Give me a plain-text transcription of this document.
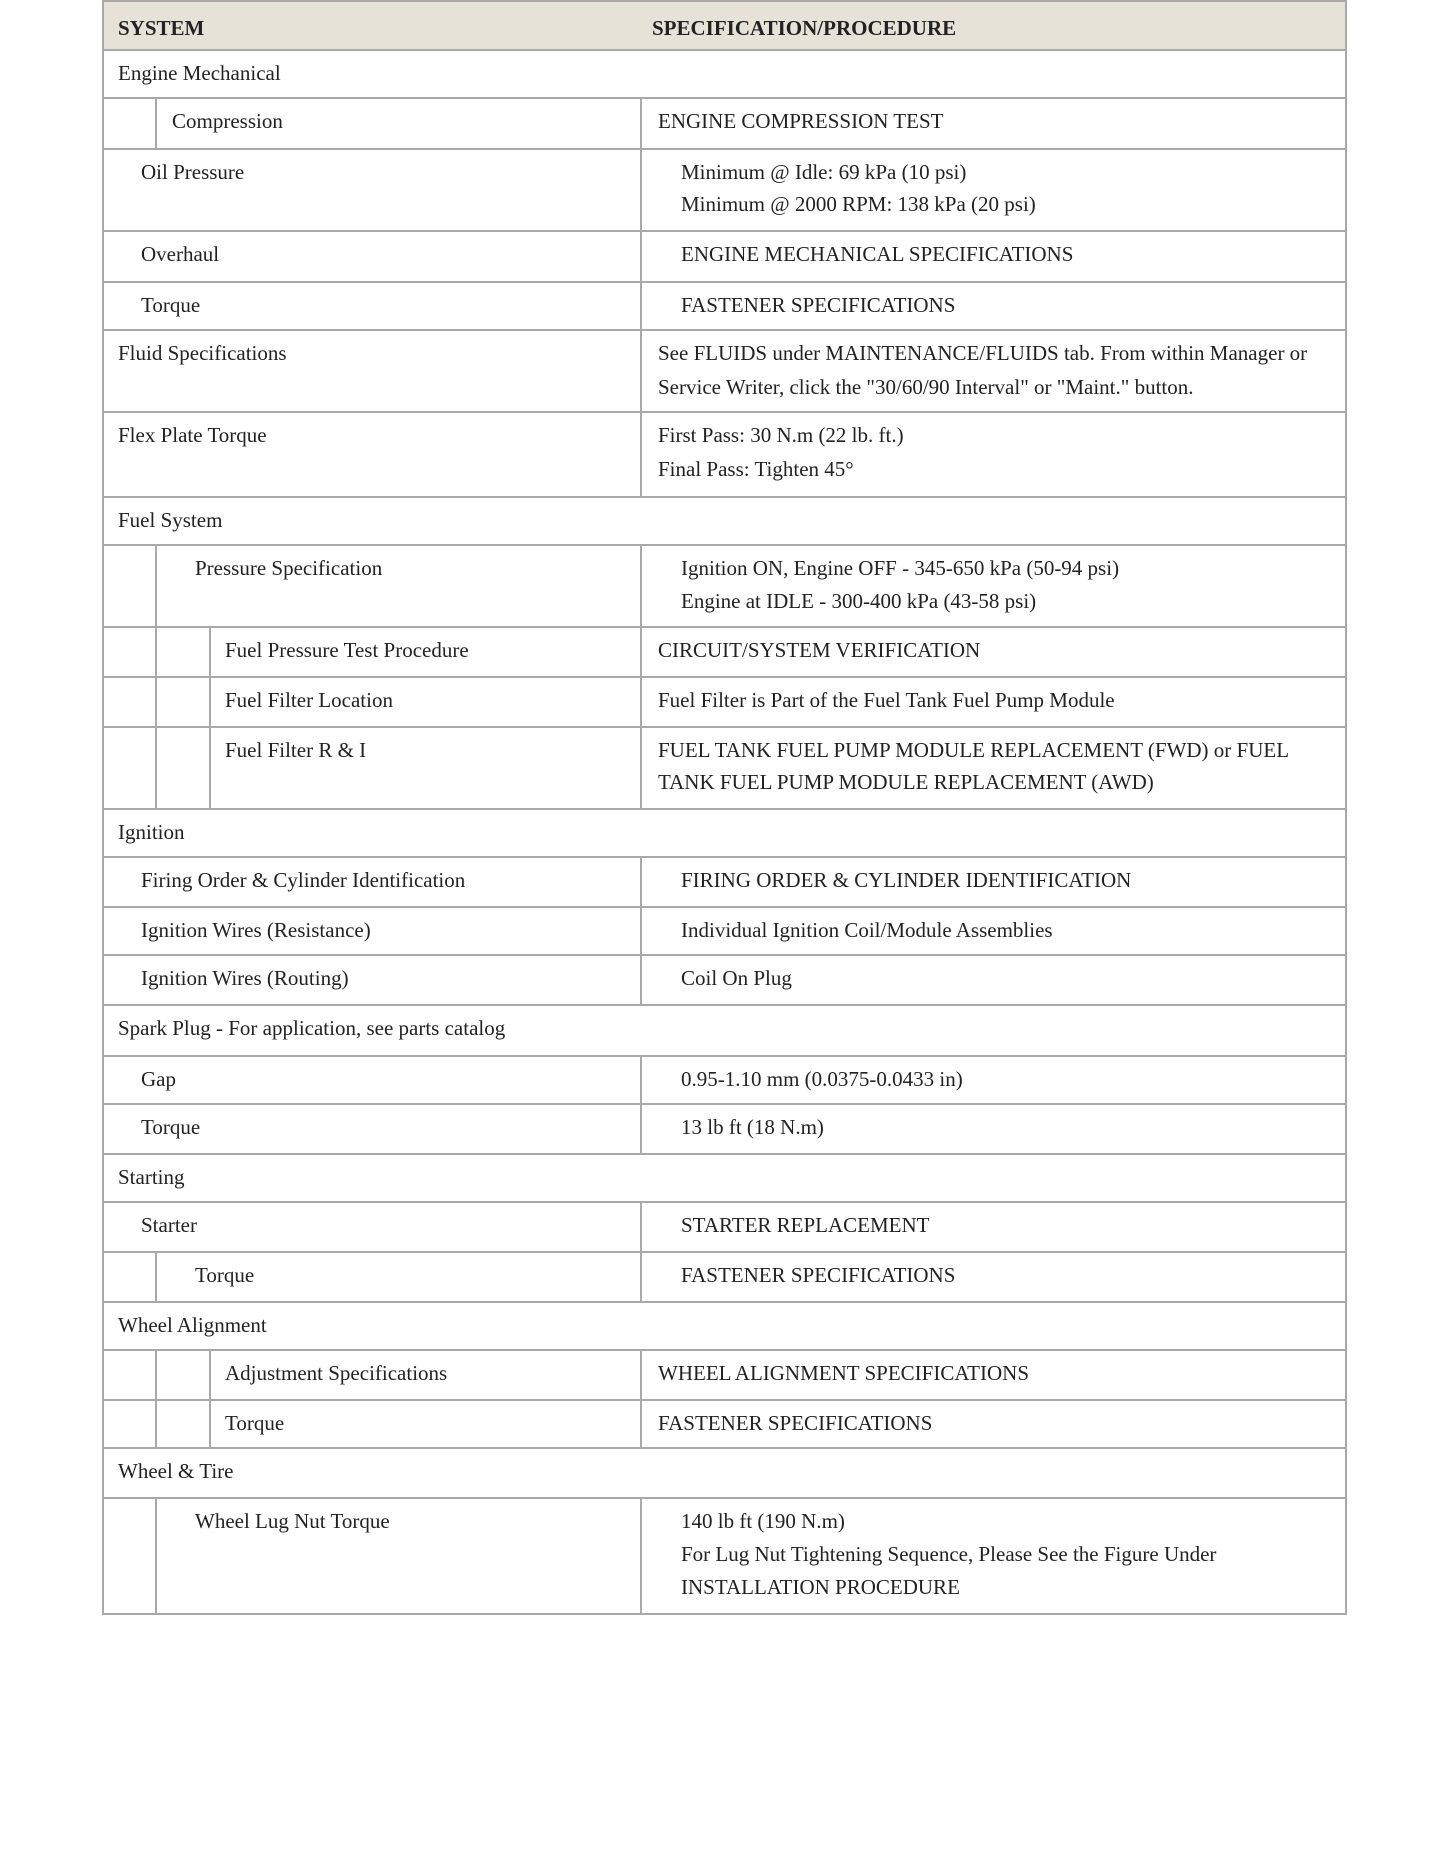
SYSTEM	SPECIFICATION/PROCEDURE
Engine Mechanical
Compression	ENGINE COMPRESSION TEST
Oil Pressure	Minimum @ Idle: 69 kPa (10 psi)
Minimum @ 2000 RPM: 138 kPa (20 psi)
Overhaul	ENGINE MECHANICAL SPECIFICATIONS
Torque	FASTENER SPECIFICATIONS
Fluid Specifications	See FLUIDS under MAINTENANCE/FLUIDS tab. From within Manager or
Service Writer, click the "30/60/90 Interval" or "Maint." button.
Flex Plate Torque	First Pass: 30 N.m (22 lb. ft.)
Final Pass: Tighten 45°
Fuel System
Pressure Specification	Ignition ON, Engine OFF - 345-650 kPa (50-94 psi)
Engine at IDLE - 300-400 kPa (43-58 psi)
Fuel Pressure Test Procedure	CIRCUIT/SYSTEM VERIFICATION
Fuel Filter Location	Fuel Filter is Part of the Fuel Tank Fuel Pump Module
Fuel Filter R & I	FUEL TANK FUEL PUMP MODULE REPLACEMENT (FWD) or FUEL
TANK FUEL PUMP MODULE REPLACEMENT (AWD)
Ignition
Firing Order & Cylinder Identification	FIRING ORDER & CYLINDER IDENTIFICATION
Ignition Wires (Resistance)	Individual Ignition Coil/Module Assemblies
Ignition Wires (Routing)	Coil On Plug
Spark Plug - For application, see parts catalog
Gap	0.95-1.10 mm (0.0375-0.0433 in)
Torque	13 lb ft (18 N.m)
Starting
Starter	STARTER REPLACEMENT
Torque	FASTENER SPECIFICATIONS
Wheel Alignment
Adjustment Specifications	WHEEL ALIGNMENT SPECIFICATIONS
Torque	FASTENER SPECIFICATIONS
Wheel & Tire
Wheel Lug Nut Torque	140 lb ft (190 N.m)
For Lug Nut Tightening Sequence, Please See the Figure Under
INSTALLATION PROCEDURE
